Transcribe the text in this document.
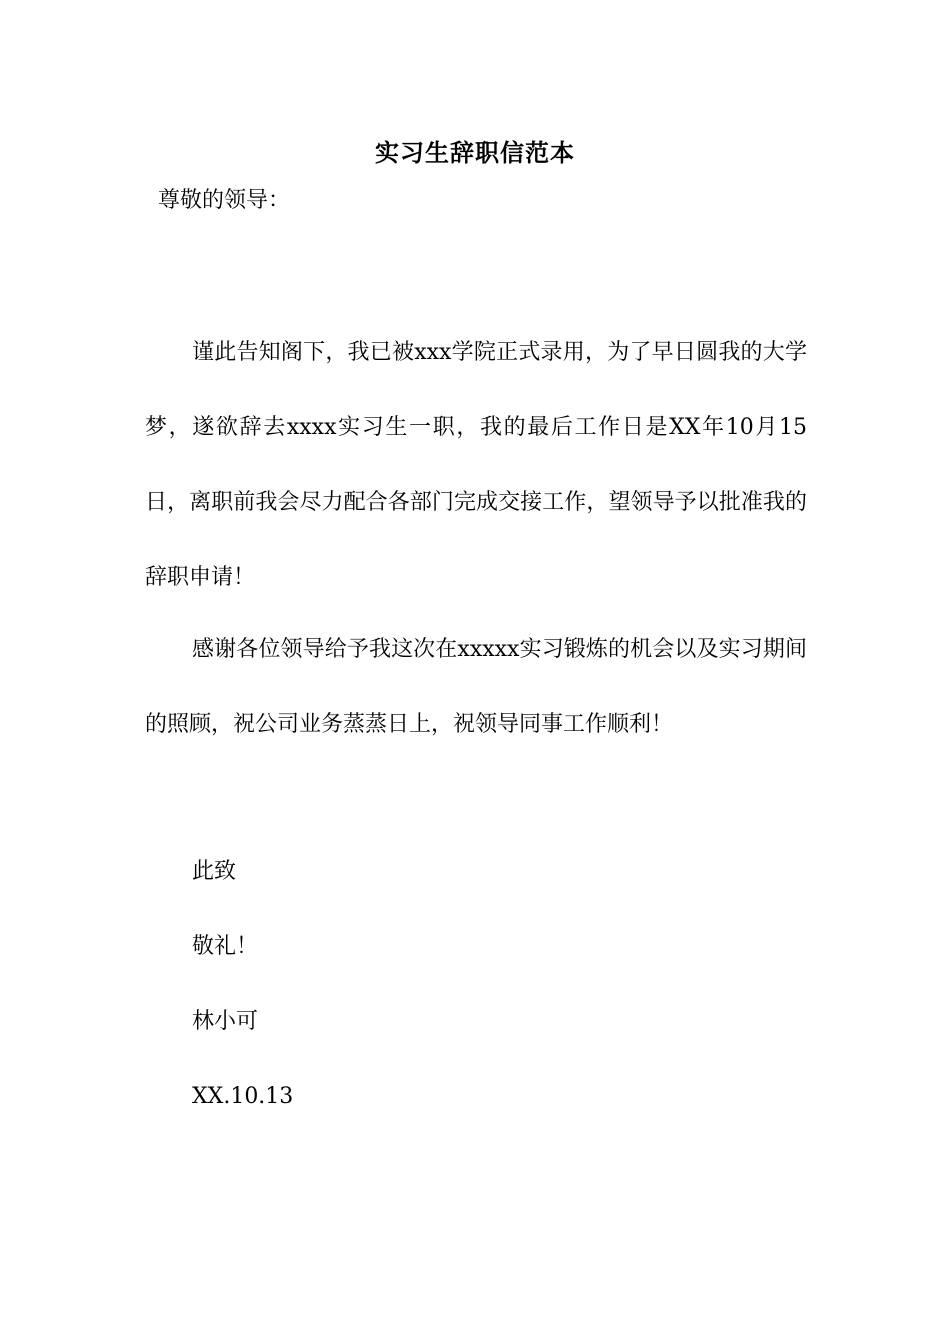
实习生辞职信范本
尊敬的领导：

谨此告知阁下，我已被xxx学院正式录用，为了早日圆我的大学梦，遂欲辞去xxxx实习生一职，我的最后工作日是XX年10月15日，离职前我会尽力配合各部门完成交接工作，望领导予以批准我的辞职申请！

感谢各位领导给予我这次在xxxxx实习锻炼的机会以及实习期间的照顾，祝公司业务蒸蒸日上，祝领导同事工作顺利！

此致
敬礼！
林小可
XX.10.13
